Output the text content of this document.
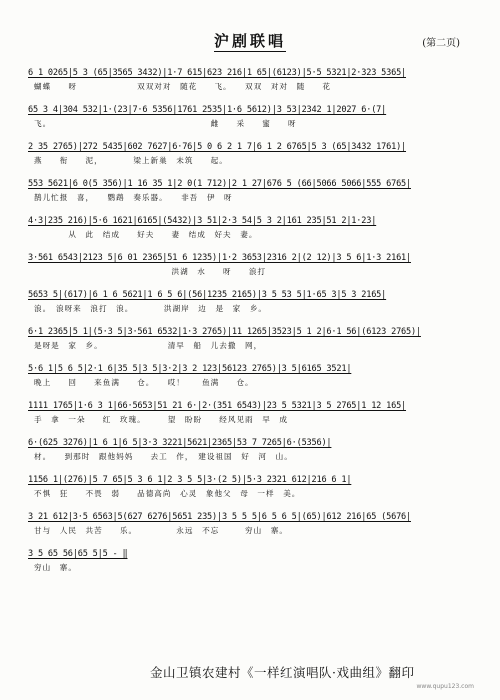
沪剧联唱	(第二页)
6 1 0265|5 3 (65|3565 3432)|1·7 615|623 216|1 65|(6123)|5·5 5321|2·323 5365|
蝴蝶　　呀　　　　　　　双双对对　随花　　飞。　　双双　对对　随　　花
65 3 4|304 532|1·(23|7·6 5356|1761 2535|1·6 5612)|3 53|2342 1|2027 6·(7|
飞。　　　　　　　　　　　　　　　　　　　雌　　采　　蜜　　呀
2 35 2765)|272 5435|602 7627|6·76|5 0 6 2 1 7|6 1 2 6765|5 3 (65|3432 1761)|
燕　　衔　　泥，　　　　梁上新巢　未筑　　起。
553 5621|6 0(5 356)|1 16 35 1|2 0(1 712)|2 1 27|676 5 (66|5066 5066|555 6765|
鹊儿忙报　喜，　　鹦鹉　奏乐器。　　非吾　伊　呀
4·3|235 216)|5·6 1621|6165|(5432)|3 51|2·3 54|5 3 2|161 235|51 2|1·23|
　　　　从　此　结成　　好夫　　妻　结成　好夫　妻。
3·561 6543|2123 5|6 01 2365|51 6 1235)|1·2 3653|2316 2|(2 12)|3 5 6|1·3 2161|
　　　　　　　　　　　　　　　　洪湖　水　　呀　　浪打
5653 5|(617)|6 1 6 5621|1 6 5 6|(56|1235 2165)|3 5 53 5|1·65 3|5 3 2165|
浪。　浪呀来　浪打　浪。　　　　洪湖岸　边　是　家　乡。
6·1 2365|5 1|(5·3 5|3·561 6532|1·3 2765)|11 1265|3523|5 1 2|6·1 56|(6123 2765)|
是呀是　家　乡。　　　　　　　　清早　船　儿去撒　网，
5·6 1|5 6 5|2·1 6|35 5|3 5|3·2|3 2 123|56123 2765)|3 5|6165 3521|
晚上　　回　　来鱼满　　仓。　　哎！　　鱼满　　仓。
1111 1765|1·6 3 1|66·5653|51 21 6·|2·(351 6543)|23 5 5321|3 5 2765|1 12 165|
手　拿　一朵　　红　玫瑰。　　　望　盼盼　　经风见雨　早　成
6·(625 3276)|1 6 1|6 5|3·3 3221|5621|2365|53 7 7265|6·(5356)|
材。　　到那时　跟他妈妈　　去工　作，　建设祖国　好　河　山。
1156 1|(276)|5 7 65|5 3 6 1|2 3 5 5|3·(2 5)|5·3 2321 612|216 6 1|
不惧　狂　　不畏　弱　　品德高尚　心灵　象他父　母　一样　美。
3 21 612|3·5 6563|5(627 6276|5651 235)|3 5 5 5|6 5 6 5|(65)|612 216|65 (5676|
甘与　人民　共苦　　乐。　　　　　永远　不忘　　　穷山　寨。
3 5 65 56|65 5|5 - ‖
穷山　寨。
金山卫镇农建村《一样红演唱队·戏曲组》翻印
www.qupu123.com
